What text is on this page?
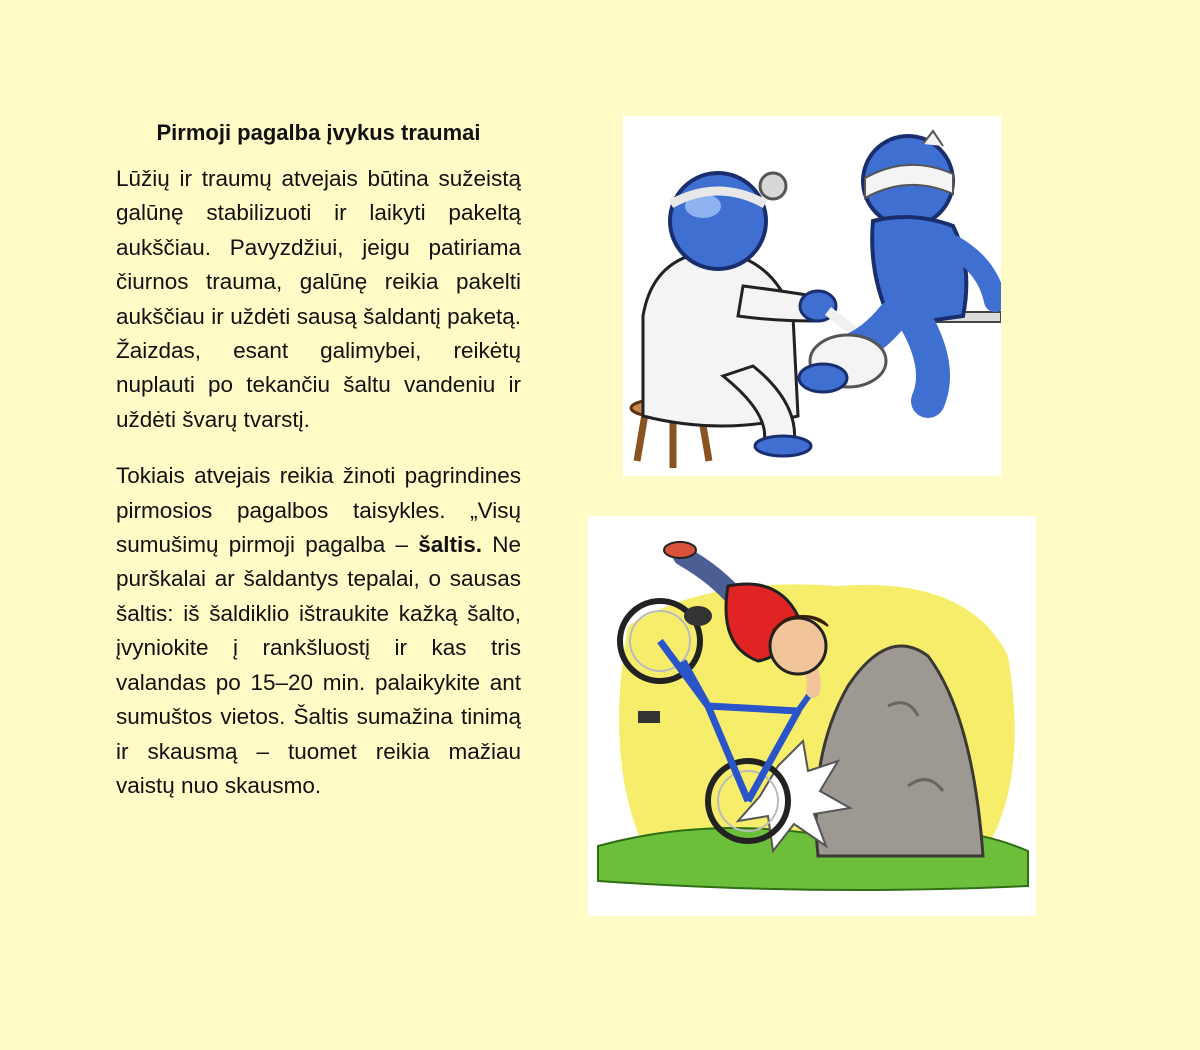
Pirmoji pagalba įvykus traumai

Lūžių ir traumų atvejais būtina sužeistą galūnę stabilizuoti ir laikyti pakeltą aukščiau. Pavyzdžiui, jeigu patiriama čiurnos trauma, galūnę reikia pakelti aukščiau ir uždėti sausą šaldantį paketą. Žaizdas, esant galimybei, reikėtų nuplauti po tekančiu šaltu vandeniu ir uždėti švarų tvarstį.

Tokiais atvejais reikia žinoti pagrindines pirmosios pagalbos taisykles. „Visų sumušimų pirmoji pagalba – šaltis. Ne purškalai ar šaldantys tepalai, o sausas šaltis: iš šaldiklio ištraukite kažką šalto, įvyniokite į rankšluostį ir kas tris valandas po 15–20 min. palaikykite ant sumuštos vietos. Šaltis sumažina tinimą ir skausmą – tuomet reikia mažiau vaistų nuo skausmo.
